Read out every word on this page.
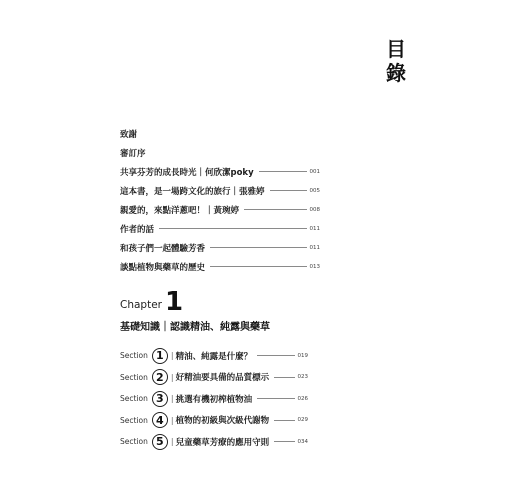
目錄
致謝
審訂序
共享芬芳的成長時光｜何欣潔poky	001
這本書，是一場跨文化的旅行｜張雅婷	005
親愛的，來點洋蔥吧！｜黃琬婷	008
作者的話	011
和孩子們一起體驗芳香	011
談點植物與藥草的歷史	013
Chapter 1
基礎知識｜認識精油、純露與藥草
Section 1 | 精油、純露是什麼？	019
Section 2 | 好精油要具備的品質標示	023
Section 3 | 挑選有機初榨植物油	026
Section 4 | 植物的初級與次級代謝物	029
Section 5 | 兒童藥草芳療的應用守則	034
